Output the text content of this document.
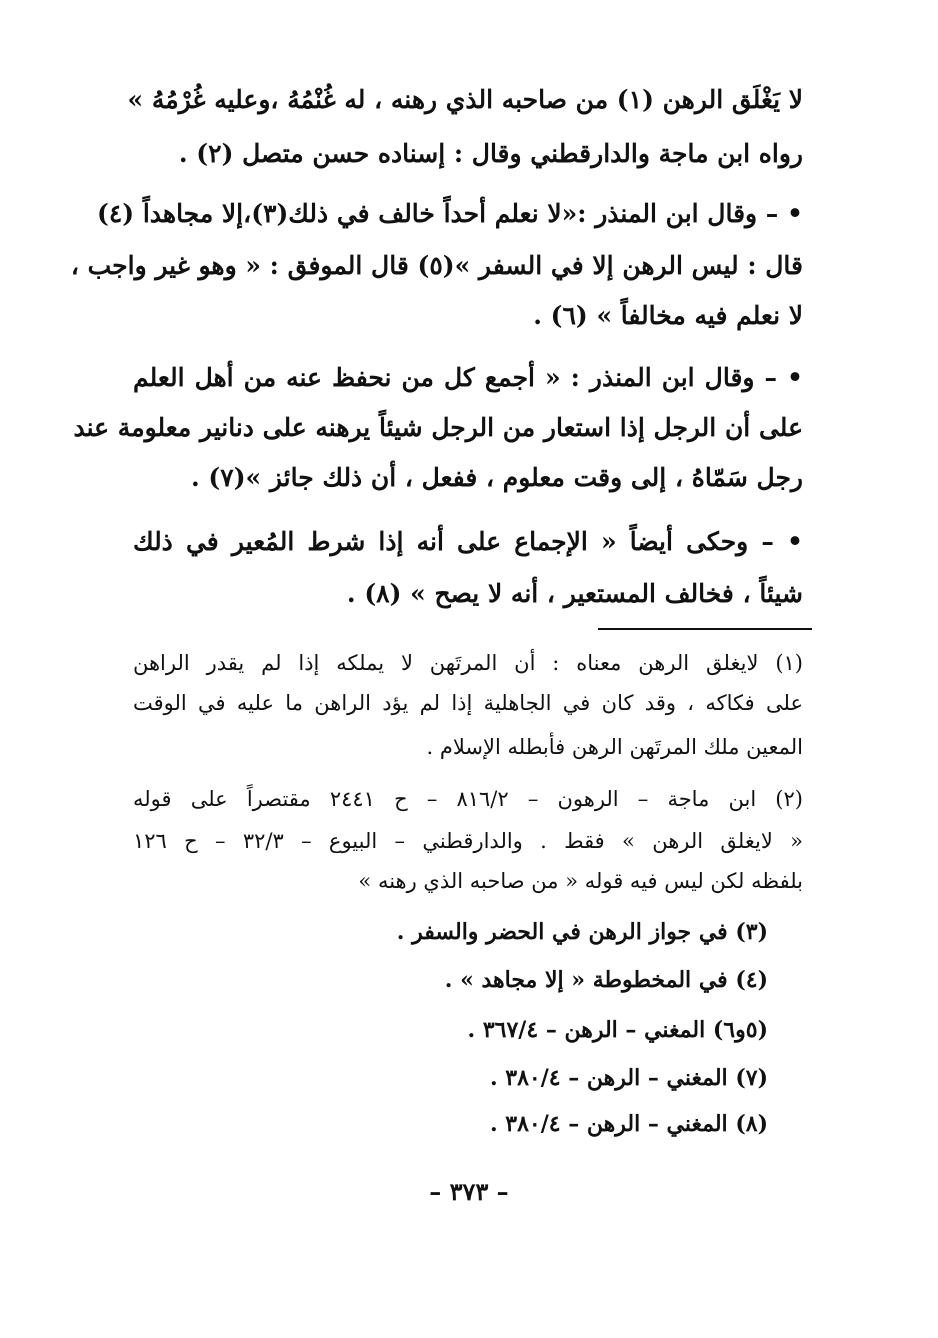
لا يَغْلَق الرهن (١) من صاحبه الذي رهنه ، له غُنْمُهُ ،وعليه غُرْمُهُ »
رواه ابن ماجة والدارقطني وقال : إسناده حسن متصل (٢) .
• – وقال ابن المنذر :«لا نعلم أحداً خالف في ذلك(٣)،إلا مجاهداً (٤)
قال : ليس الرهن إلا في السفر »(٥) قال الموفق : « وهو غير واجب ،
لا نعلم فيه مخالفاً » (٦) .
• – وقال ابن المنذر : « أجمع كل من نحفظ عنه من أهل العلم
على أن الرجل إذا استعار من الرجل شيئاً يرهنه على دنانير معلومة عند
رجل سَمّاهُ ، إلى وقت معلوم ، ففعل ، أن ذلك جائز »(٧) .
• – وحكى أيضاً « الإجماع على أنه إذا شرط المُعير في ذلك
شيئاً ، فخالف المستعير ، أنه لا يصح » (٨) .
(١) لايغلق الرهن معناه : أن المرتَهن لا يملكه إذا لم يقدر الراهن
على فكاكه ، وقد كان في الجاهلية إذا لم يؤد الراهن ما عليه في الوقت
المعين ملك المرتَهن الرهن فأبطله الإسلام .
(٢) ابن ماجة – الرهون – ٨١٦/٢ – ح ٢٤٤١ مقتصراً على قوله
« لايغلق الرهن » فقط . والدارقطني – البيوع – ٣٢/٣ – ح ١٢٦
بلفظه لكن ليس فيه قوله « من صاحبه الذي رهنه »
(٣) في جواز الرهن في الحضر والسفر .
(٤) في المخطوطة « إلا مجاهد » .
(٥و٦) المغني – الرهن – ٣٦٧/٤ .
(٧) المغني – الرهن – ٣٨٠/٤ .
(٨) المغني – الرهن – ٣٨٠/٤ .
– ٣٧٣ –
